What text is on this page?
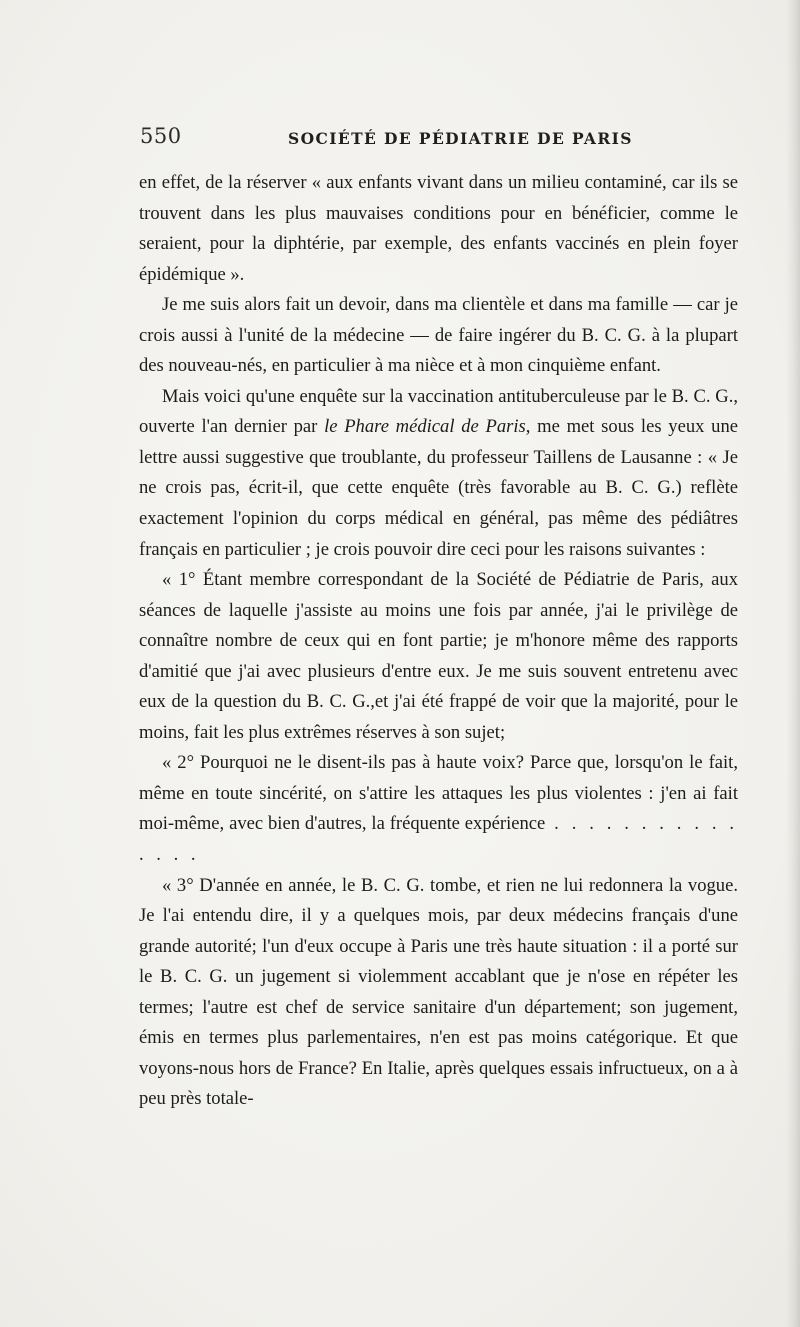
550	SOCIÉTÉ DE PÉDIATRIE DE PARIS

en effet, de la réserver « aux enfants vivant dans un milieu contaminé, car ils se trouvent dans les plus mauvaises conditions pour en bénéficier, comme le seraient, pour la diphtérie, par exemple, des enfants vaccinés en plein foyer épidémique ».

Je me suis alors fait un devoir, dans ma clientèle et dans ma famille — car je crois aussi à l'unité de la médecine — de faire ingérer du B. C. G. à la plupart des nouveau-nés, en particulier à ma nièce et à mon cinquième enfant.

Mais voici qu'une enquête sur la vaccination antituberculeuse par le B. C. G., ouverte l'an dernier par le Phare médical de Paris, me met sous les yeux une lettre aussi suggestive que troublante, du professeur Taillens de Lausanne : « Je ne crois pas, écrit-il, que cette enquête (très favorable au B. C. G.) reflète exactement l'opinion du corps médical en général, pas même des pédiâtres français en particulier ; je crois pouvoir dire ceci pour les raisons suivantes :

« 1° Étant membre correspondant de la Société de Pédiatrie de Paris, aux séances de laquelle j'assiste au moins une fois par année, j'ai le privilège de connaître nombre de ceux qui en font partie; je m'honore même des rapports d'amitié que j'ai avec plusieurs d'entre eux. Je me suis souvent entretenu avec eux de la question du B. C. G.,et j'ai été frappé de voir que la majorité, pour le moins, fait les plus extrêmes réserves à son sujet;

« 2° Pourquoi ne le disent-ils pas à haute voix? Parce que, lorsqu'on le fait, même en toute sincérité, on s'attire les attaques les plus violentes : j'en ai fait moi-même, avec bien d'autres, la fréquente expérience . . . . . . . . . . . . . . .

« 3° D'année en année, le B. C. G. tombe, et rien ne lui redonnera la vogue. Je l'ai entendu dire, il y a quelques mois, par deux médecins français d'une grande autorité; l'un d'eux occupe à Paris une très haute situation : il a porté sur le B. C. G. un jugement si violemment accablant que je n'ose en répéter les termes; l'autre est chef de service sanitaire d'un département; son jugement, émis en termes plus parlementaires, n'en est pas moins catégorique. Et que voyons-nous hors de France? En Italie, après quelques essais infructueux, on a à peu près totale-
